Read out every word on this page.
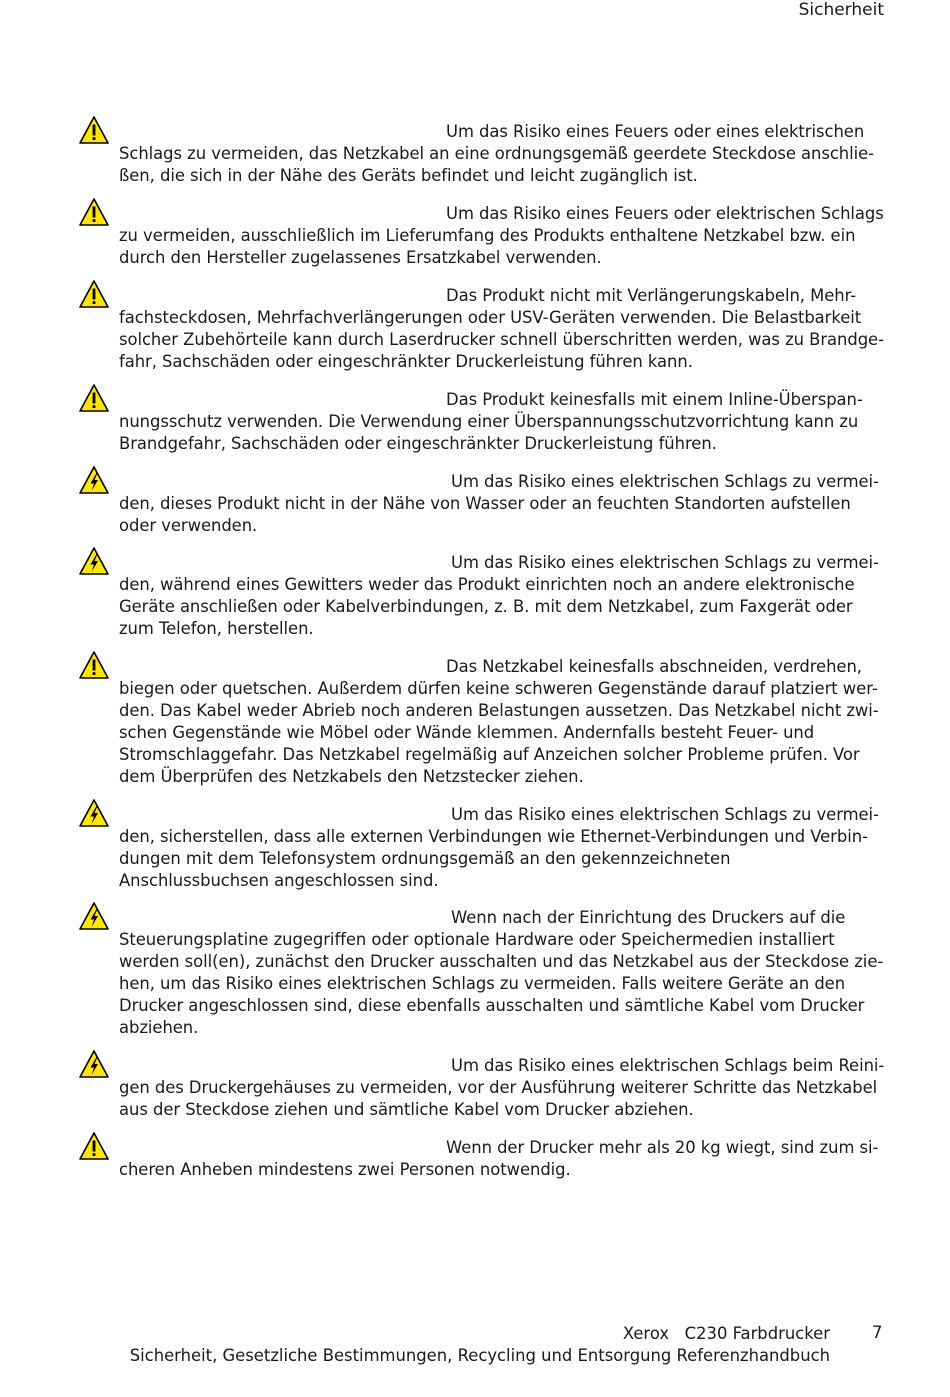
Sicherheit

Um das Risiko eines Feuers oder eines elektrischen
Schlags zu vermeiden, das Netzkabel an eine ordnungsgemäß geerdete Steckdose anschlie-
ßen, die sich in der Nähe des Geräts befindet und leicht zugänglich ist.

Um das Risiko eines Feuers oder elektrischen Schlags
zu vermeiden, ausschließlich im Lieferumfang des Produkts enthaltene Netzkabel bzw. ein
durch den Hersteller zugelassenes Ersatzkabel verwenden.

Das Produkt nicht mit Verlängerungskabeln, Mehr-
fachsteckdosen, Mehrfachverlängerungen oder USV-Geräten verwenden. Die Belastbarkeit
solcher Zubehörteile kann durch Laserdrucker schnell überschritten werden, was zu Brandge-
fahr, Sachschäden oder eingeschränkter Druckerleistung führen kann.

Das Produkt keinesfalls mit einem Inline-Überspan-
nungsschutz verwenden. Die Verwendung einer Überspannungsschutzvorrichtung kann zu
Brandgefahr, Sachschäden oder eingeschränkter Druckerleistung führen.

Um das Risiko eines elektrischen Schlags zu vermei-
den, dieses Produkt nicht in der Nähe von Wasser oder an feuchten Standorten aufstellen
oder verwenden.

Um das Risiko eines elektrischen Schlags zu vermei-
den, während eines Gewitters weder das Produkt einrichten noch an andere elektronische
Geräte anschließen oder Kabelverbindungen, z. B. mit dem Netzkabel, zum Faxgerät oder
zum Telefon, herstellen.

Das Netzkabel keinesfalls abschneiden, verdrehen,
biegen oder quetschen. Außerdem dürfen keine schweren Gegenstände darauf platziert wer-
den. Das Kabel weder Abrieb noch anderen Belastungen aussetzen. Das Netzkabel nicht zwi-
schen Gegenstände wie Möbel oder Wände klemmen. Andernfalls besteht Feuer- und
Stromschlaggefahr. Das Netzkabel regelmäßig auf Anzeichen solcher Probleme prüfen. Vor
dem Überprüfen des Netzkabels den Netzstecker ziehen.

Um das Risiko eines elektrischen Schlags zu vermei-
den, sicherstellen, dass alle externen Verbindungen wie Ethernet-Verbindungen und Verbin-
dungen mit dem Telefonsystem ordnungsgemäß an den gekennzeichneten
Anschlussbuchsen angeschlossen sind.

Wenn nach der Einrichtung des Druckers auf die
Steuerungsplatine zugegriffen oder optionale Hardware oder Speichermedien installiert
werden soll(en), zunächst den Drucker ausschalten und das Netzkabel aus der Steckdose zie-
hen, um das Risiko eines elektrischen Schlags zu vermeiden. Falls weitere Geräte an den
Drucker angeschlossen sind, diese ebenfalls ausschalten und sämtliche Kabel vom Drucker
abziehen.

Um das Risiko eines elektrischen Schlags beim Reini-
gen des Druckergehäuses zu vermeiden, vor der Ausführung weiterer Schritte das Netzkabel
aus der Steckdose ziehen und sämtliche Kabel vom Drucker abziehen.

Wenn der Drucker mehr als 20 kg wiegt, sind zum si-
cheren Anheben mindestens zwei Personen notwendig.

Xerox   C230 Farbdrucker
Sicherheit, Gesetzliche Bestimmungen, Recycling und Entsorgung Referenzhandbuch
7
